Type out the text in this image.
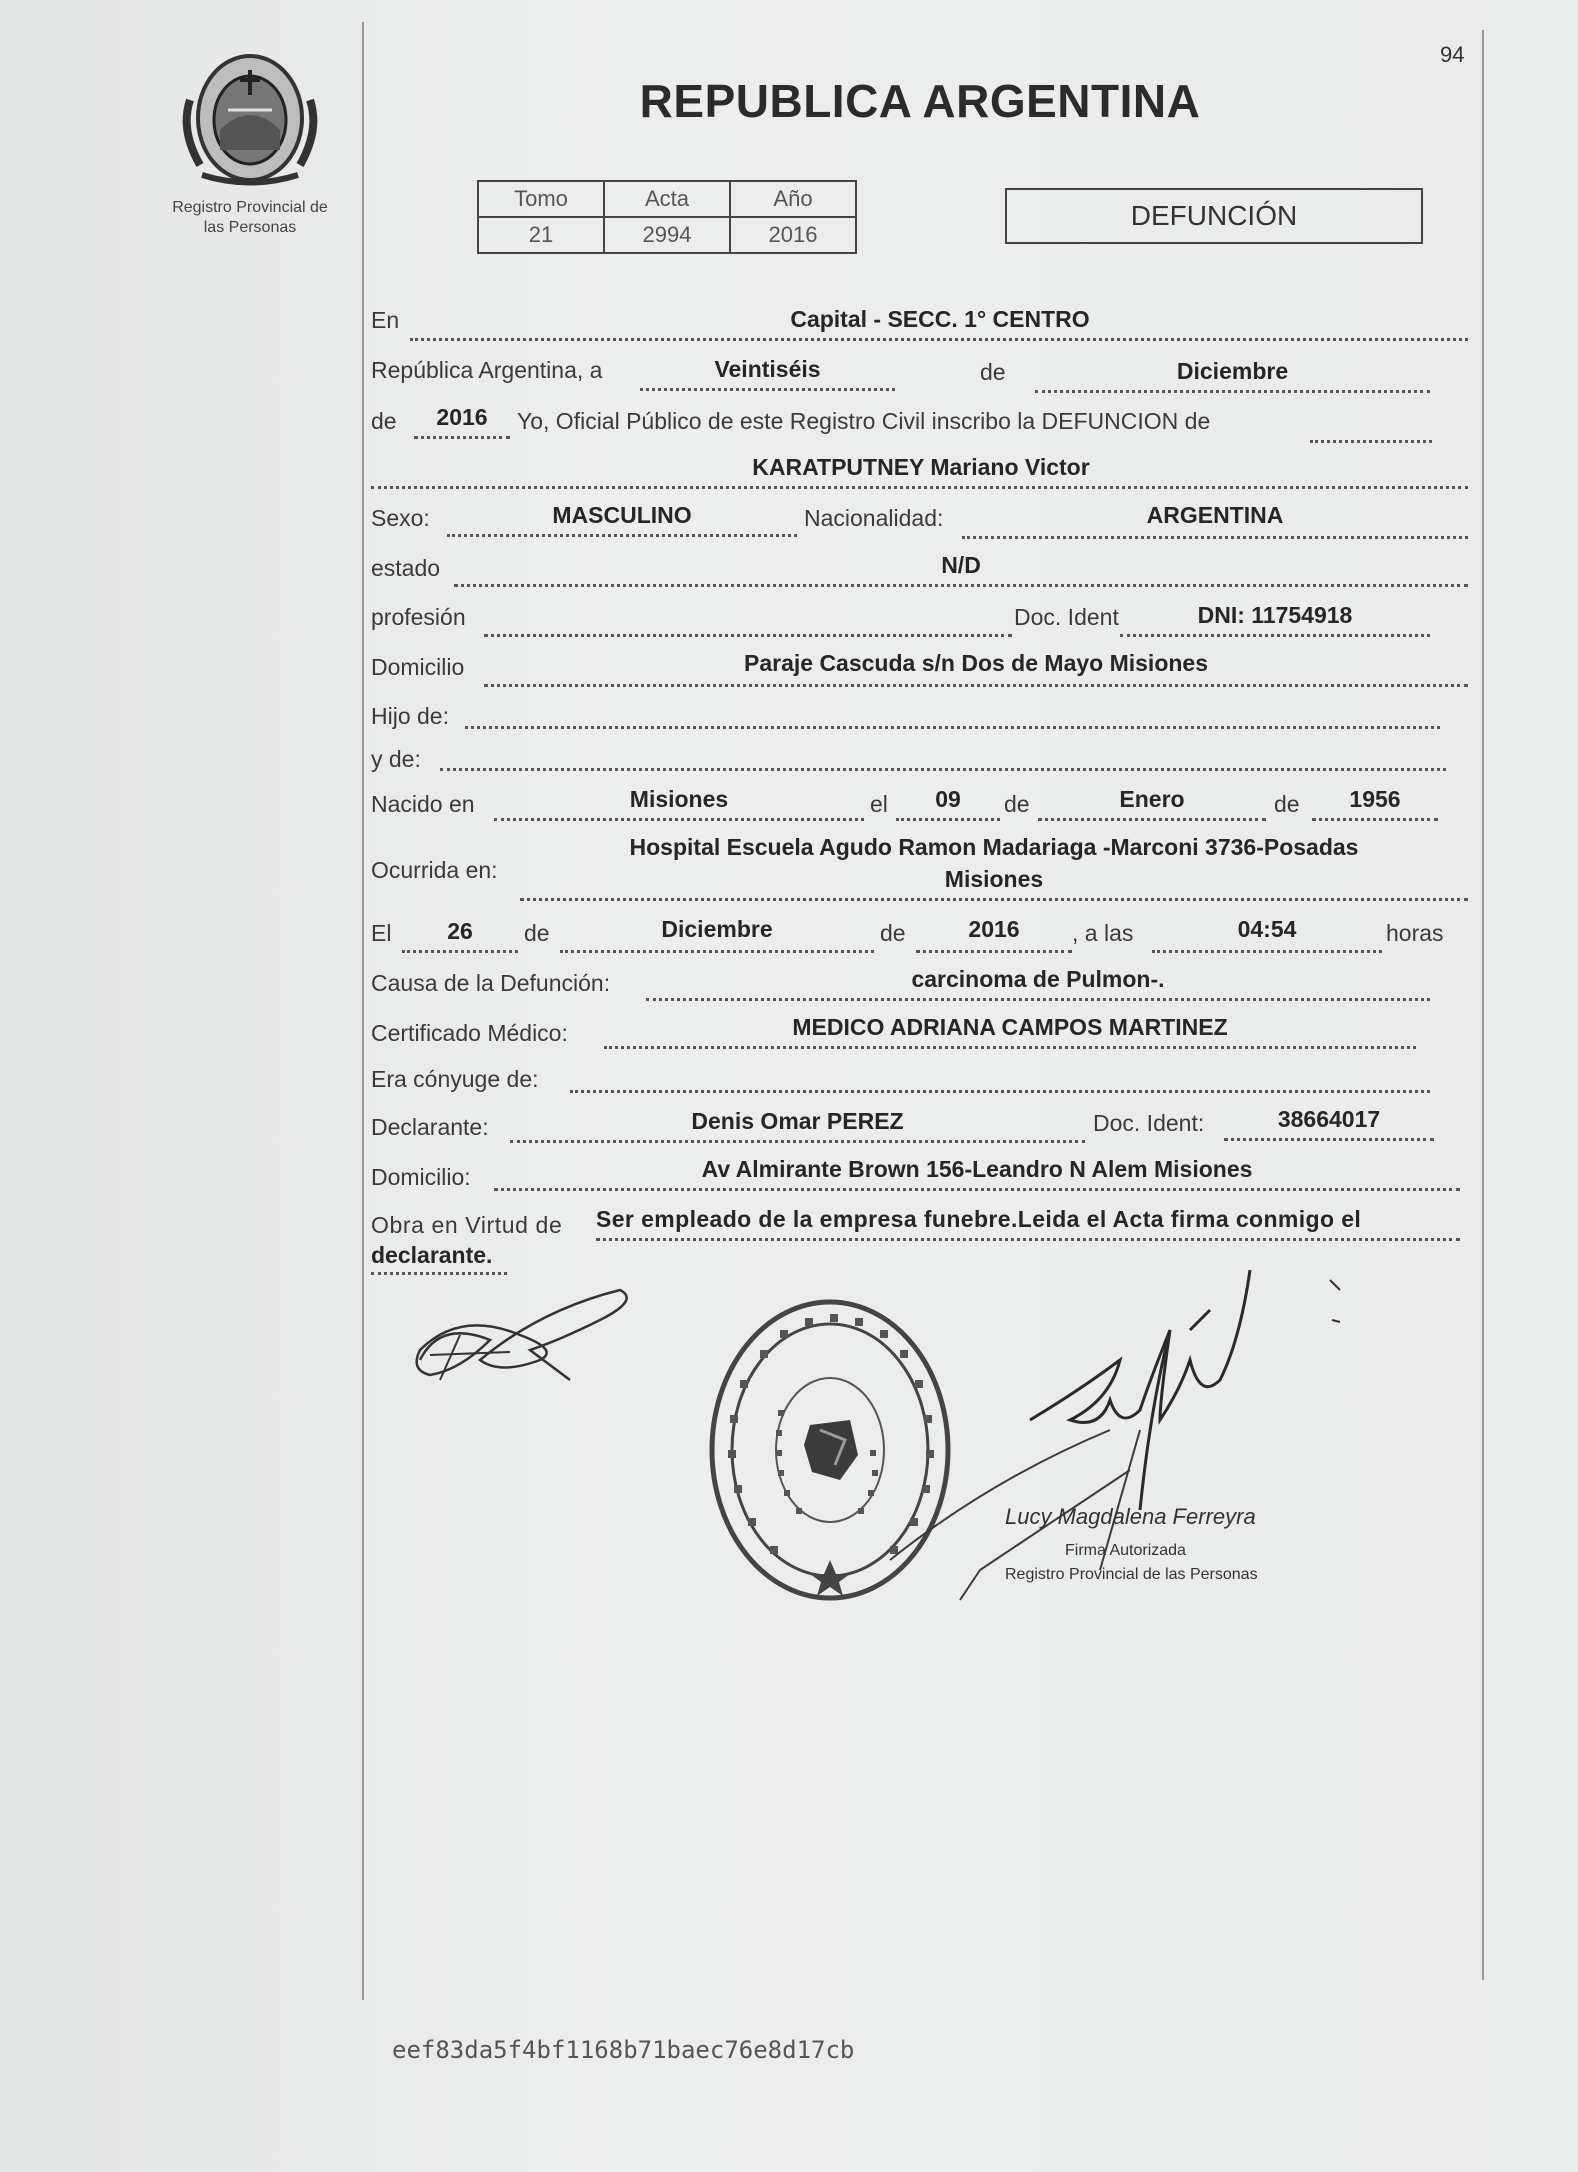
Registro Provincial de
las Personas
94
REPUBLICA ARGENTINA
Tomo	Acta	Año
21	2994	2016
DEFUNCIÓN
En	Capital - SECC. 1° CENTRO
República Argentina, a	Veintiséis	de	Diciembre
de	2016	Yo, Oficial Público de este Registro Civil inscribo la DEFUNCION de
KARATPUTNEY Mariano Victor
Sexo:	MASCULINO	Nacionalidad:	ARGENTINA
estado	N/D
profesión	Doc. Ident	DNI: 11754918
Domicilio	Paraje Cascuda s/n Dos de Mayo Misiones
Hijo de:
y de:
Nacido en	Misiones	el	09	de	Enero	de	1956
Ocurrida en:
Hospital Escuela Agudo Ramon Madariaga -Marconi 3736-Posadas
Misiones
El	26	de	Diciembre	de	2016	, a las	04:54	horas
Causa de la Defunción:	carcinoma de Pulmon-.
Certificado Médico:	MEDICO ADRIANA CAMPOS MARTINEZ
Era cónyuge de:
Declarante:	Denis Omar PEREZ	Doc. Ident:	38664017
Domicilio:	Av Almirante Brown 156-Leandro N Alem Misiones
Obra en Virtud de Ser empleado de la empresa funebre.Leida el Acta firma conmigo el
declarante.
Lucy Magdalena Ferreyra
Firma Autorizada
Registro Provincial de las Personas
eef83da5f4bf1168b71baec76e8d17cb
